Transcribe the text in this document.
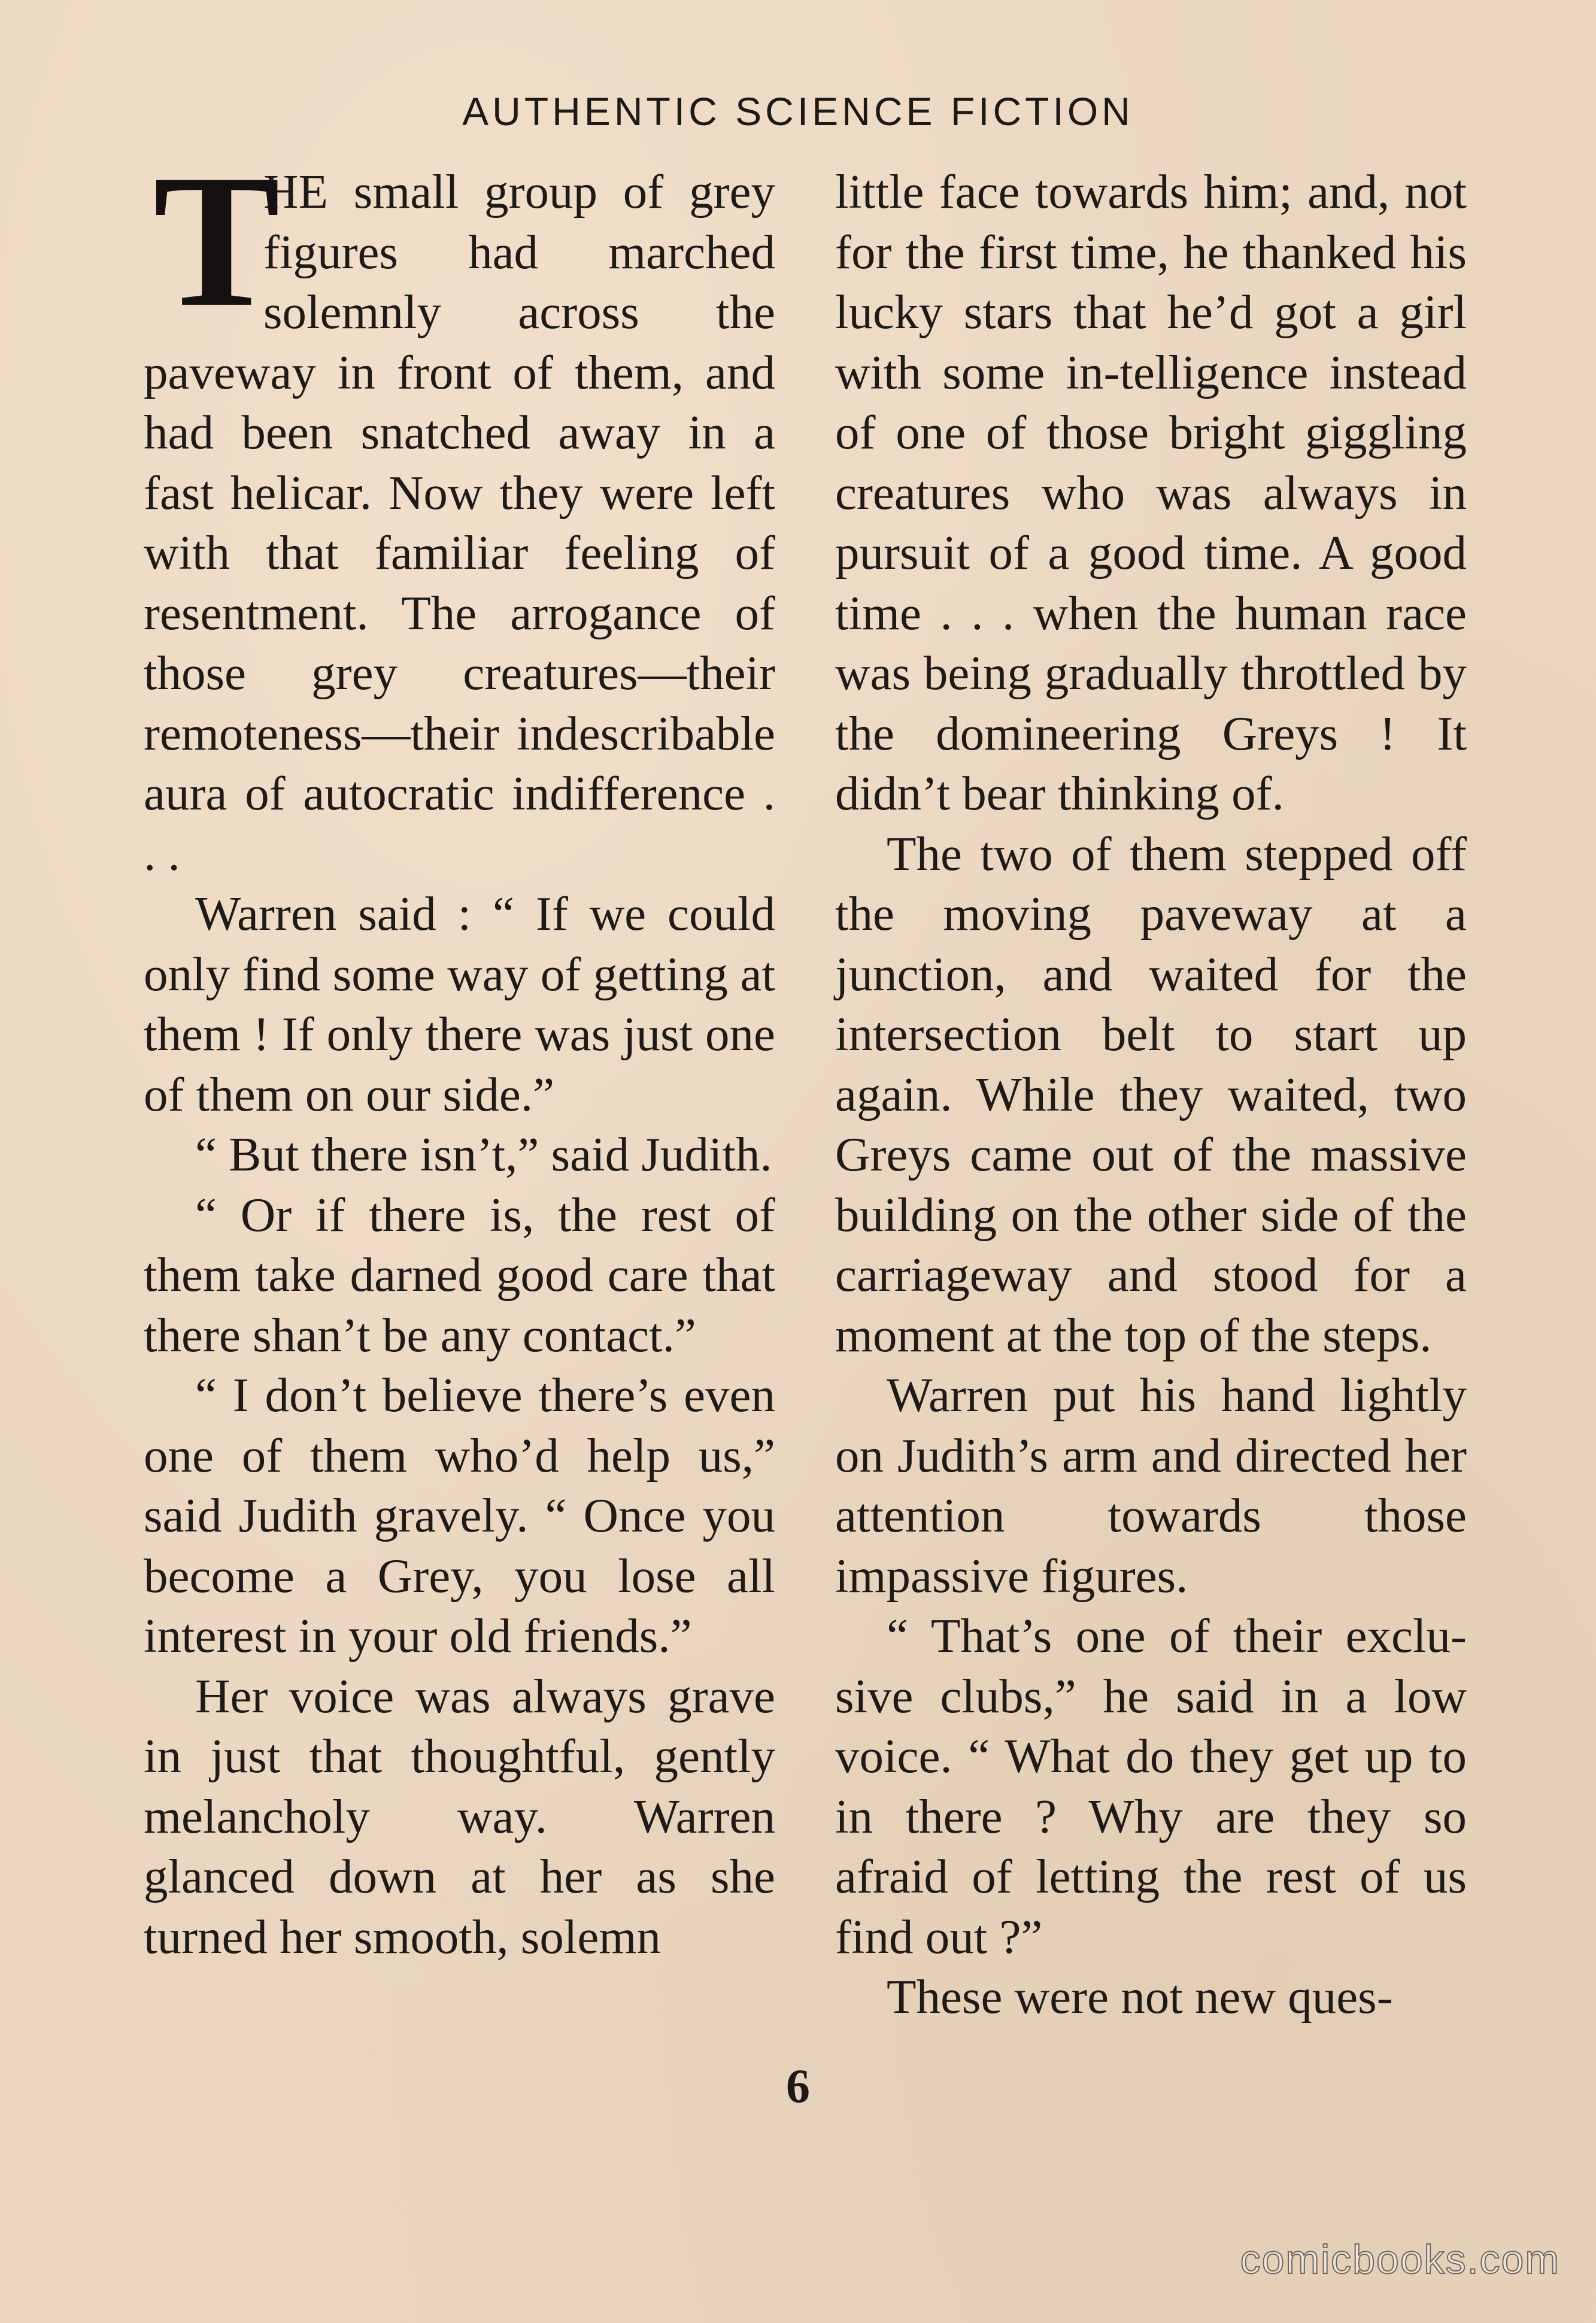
AUTHENTIC SCIENCE FICTION

T
HE small group of grey figures had marched solemnly across the paveway in front of them, and had been snatched away in a fast helicar. Now they were left with that familiar feeling of resentment. The arrogance of those grey creatures—their remoteness—their indescribable aura of autocratic indifference . . .

Warren said : “ If we could only find some way of getting at them ! If only there was just one of them on our side.”

“ But there isn’t,” said Judith.

“ Or if there is, the rest of them take darned good care that there shan’t be any contact.”

“ I don’t believe there’s even one of them who’d help us,” said Judith gravely. “ Once you become a Grey, you lose all interest in your old friends.”

Her voice was always grave in just that thoughtful, gently melancholy way. Warren glanced down at her as she turned her smooth, solemn

little face towards him; and, not for the first time, he thanked his lucky stars that he’d got a girl with some in-telligence instead of one of those bright giggling creatures who was always in pursuit of a good time. A good time . . . when the human race was being gradually throttled by the domineering Greys ! It didn’t bear thinking of.

The two of them stepped off the moving paveway at a junction, and waited for the intersection belt to start up again. While they waited, two Greys came out of the massive building on the other side of the carriageway and stood for a moment at the top of the steps.

Warren put his hand lightly on Judith’s arm and directed her attention towards those impassive figures.

“ That’s one of their exclu-sive clubs,” he said in a low voice. “ What do they get up to in there ? Why are they so afraid of letting the rest of us find out ?”

These were not new ques-

6
comicbooks.com
